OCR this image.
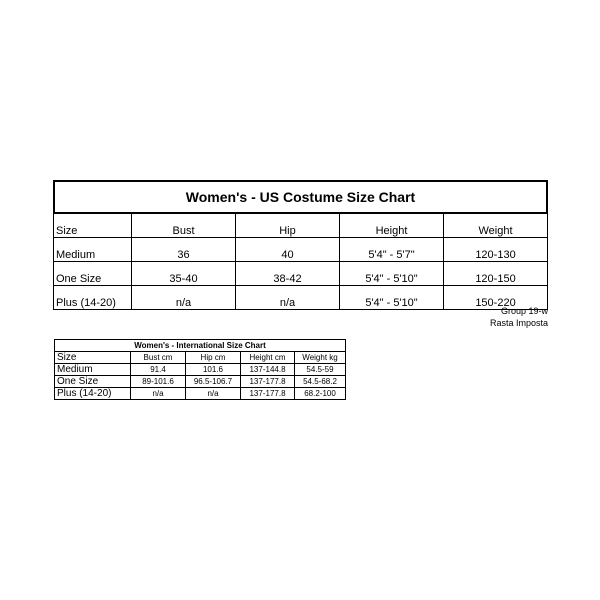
Women's - US Costume Size Chart
Size	Bust	Hip	Height	Weight
Medium	36	40	5'4" - 5'7"	120-130
One Size	35-40	38-42	5'4" - 5'10"	120-150
Plus (14-20)	n/a	n/a	5'4" - 5'10"	150-220
Group 19-w
Rasta Imposta
Women's - International Size Chart				
Size	Bust cm	Hip cm	Height cm	Weight kg
Medium	91.4	101.6	137-144.8	54.5-59
One Size	89-101.6	96.5-106.7	137-177.8	54.5-68.2
Plus (14-20)	n/a	n/a	137-177.8	68.2-100
